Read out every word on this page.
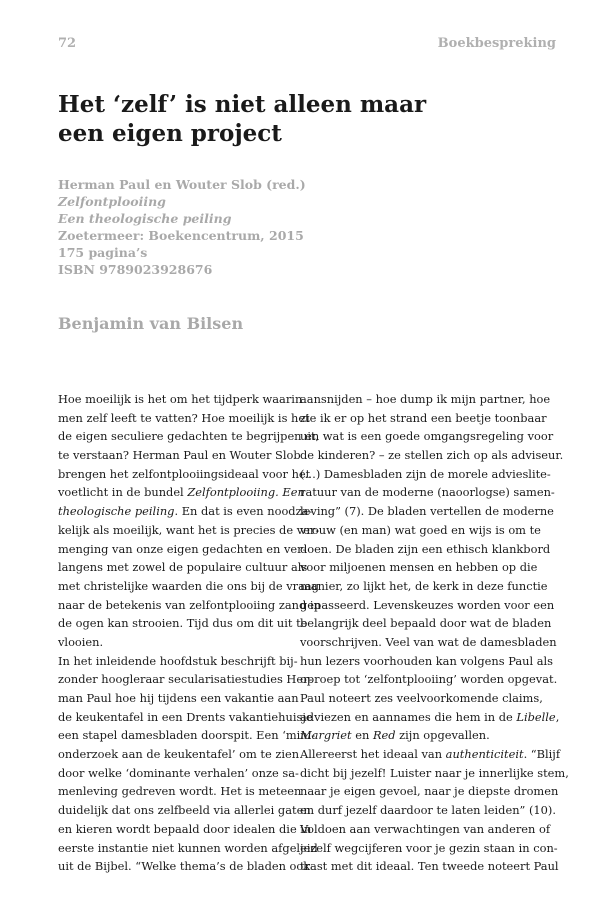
72	Boekbespreking
Het ‘zelf’ is niet alleen maar
een eigen project
Herman Paul en Wouter Slob (red.)
Zelfontplooiing
Een theologische peiling
Zoetermeer: Boekencentrum, 2015
175 pagina’s
ISBN 9789023928676
Benjamin van Bilsen
Hoe moeilijk is het om het tijdperk waarin
men zelf leeft te vatten? Hoe moeilijk is het
de eigen seculiere gedachten te begrijpen en
te verstaan? Herman Paul en Wouter Slob
brengen het zelfontplooiingsideaal voor het
voetlicht in de bundel Zelfontplooiing. Een
theologische peiling. En dat is even noodza-
kelijk als moeilijk, want het is precies de ver-
menging van onze eigen gedachten en ver-
langens met zowel de populaire cultuur als
met christelijke waarden die ons bij de vraag
naar de betekenis van zelfontplooiing zand in
de ogen kan strooien. Tijd dus om dit uit te
vlooien.
In het inleidende hoofdstuk beschrijft bij-
zonder hoogleraar secularisatiestudies Her-
man Paul hoe hij tijdens een vakantie aan
de keukentafel in een Drents vakantiehuisje
een stapel damesbladen doorspit. Een ‘mini-
onderzoek aan de keukentafel’ om te zien
door welke ‘dominante verhalen’ onze sa-
menleving gedreven wordt. Het is meteen
duidelijk dat ons zelfbeeld via allerlei gaten
en kieren wordt bepaald door idealen die in
eerste instantie niet kunnen worden afgeleid
uit de Bijbel. “Welke thema’s de bladen ook
aansnijden – hoe dump ik mijn partner, hoe
zie ik er op het strand een beetje toonbaar
uit, wat is een goede omgangsregeling voor
de kinderen? – ze stellen zich op als adviseur.
(…) Damesbladen zijn de morele advieslite-
ratuur van de moderne (naoorlogse) samen-
leving” (7). De bladen vertellen de moderne
vrouw (en man) wat goed en wijs is om te
doen. De bladen zijn een ethisch klankbord
voor miljoenen mensen en hebben op die
manier, zo lijkt het, de kerk in deze functie
gepasseerd. Levenskeuzes worden voor een
belangrijk deel bepaald door wat de bladen
voorschrijven. Veel van wat de damesbladen
hun lezers voorhouden kan volgens Paul als
oproep tot ‘zelfontplooiing’ worden opgevat.
Paul noteert zes veelvoorkomende claims,
adviezen en aannames die hem in de Libelle,
Margriet en Red zijn opgevallen.
Allereerst het ideaal van authenticiteit. “Blijf
dicht bij jezelf! Luister naar je innerlijke stem,
naar je eigen gevoel, naar je diepste dromen
en durf jezelf daardoor te laten leiden” (10).
Voldoen aan verwachtingen van anderen of
jezelf wegcijferen voor je gezin staan in con-
trast met dit ideaal. Ten tweede noteert Paul
